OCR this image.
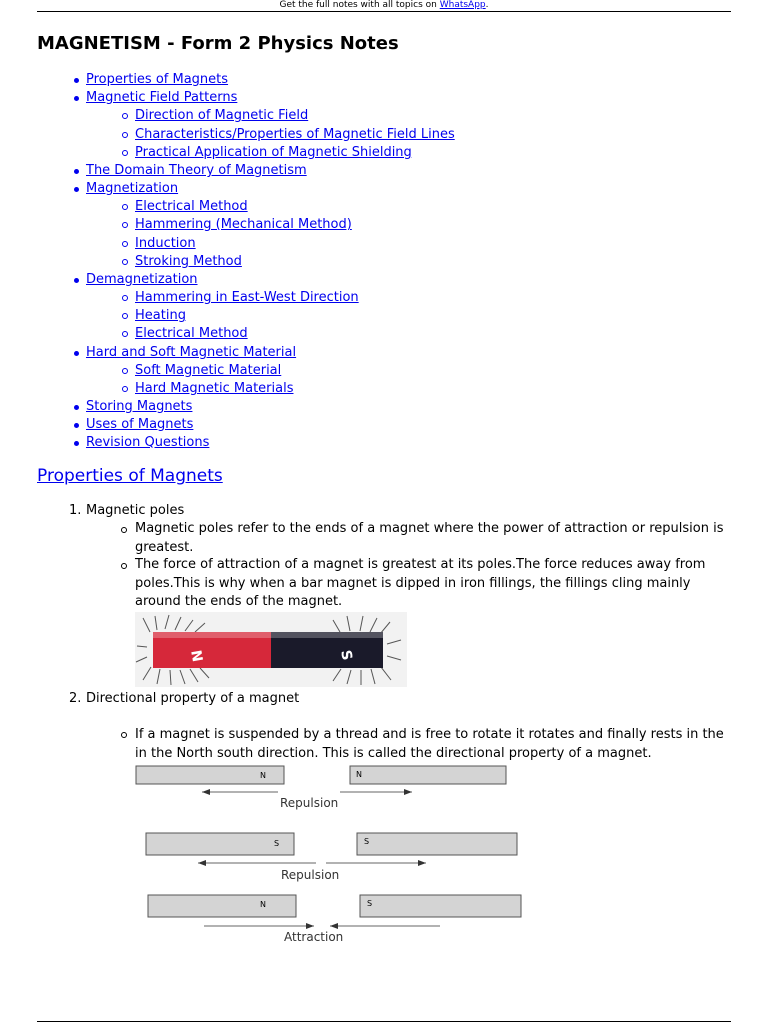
Get the full notes with all topics on WhatsApp.
MAGNETISM - Form 2 Physics Notes
Properties of Magnets
Magnetic Field Patterns
Direction of Magnetic Field
Characteristics/Properties of Magnetic Field Lines
Practical Application of Magnetic Shielding
The Domain Theory of Magnetism
Magnetization
Electrical Method
Hammering (Mechanical Method)
Induction
Stroking Method
Demagnetization
Hammering in East-West Direction
Heating
Electrical Method
Hard and Soft Magnetic Material
Soft Magnetic Material
Hard Magnetic Materials
Storing Magnets
Uses of Magnets
Revision Questions
Properties of Magnets
1. Magnetic poles
Magnetic poles refer to the ends of a magnet where the power of attraction or repulsion is
greatest.
The force of attraction of a magnet is greatest at its poles.The force reduces away from
poles.This is why when a bar magnet is dipped in iron fillings, the fillings cling mainly
around the ends of the magnet.
N	S
2. Directional property of a magnet
If a magnet is suspended by a thread and is free to rotate it rotates and finally rests in the
in the North south direction. This is called the directional property of a magnet.
N	N
Repulsion
S	S
Repulsion
N	S
Attraction
